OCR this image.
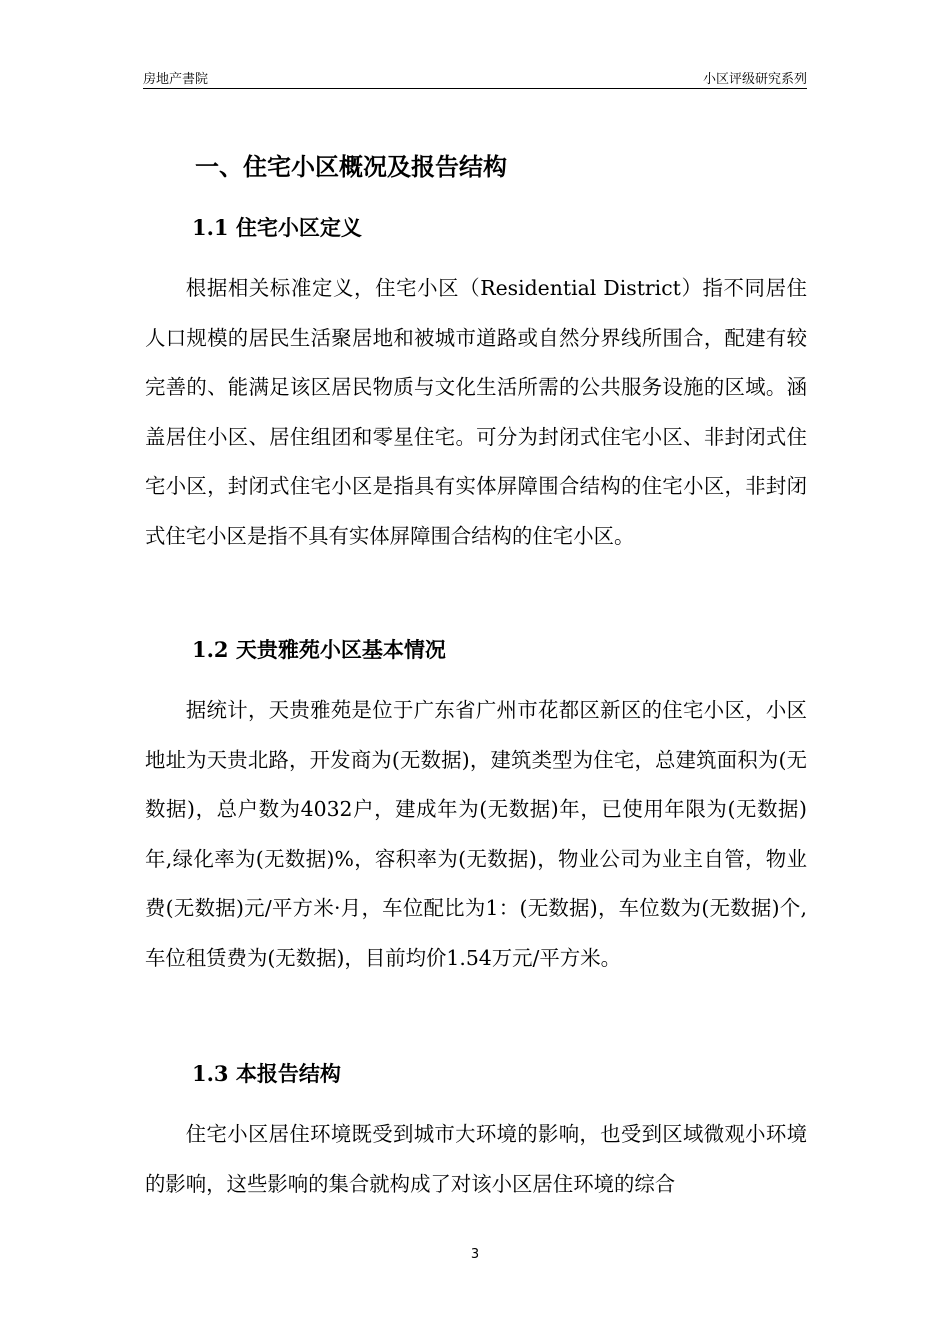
房地产書院	小区评级研究系列
一、住宅小区概况及报告结构
1.1 住宅小区定义
根据相关标准定义，住宅小区（Residential District）指不同居住人口规模的居民生活聚居地和被城市道路或自然分界线所围合，配建有较完善的、能满足该区居民物质与文化生活所需的公共服务设施的区域。涵盖居住小区、居住组团和零星住宅。可分为封闭式住宅小区、非封闭式住宅小区，封闭式住宅小区是指具有实体屏障围合结构的住宅小区，非封闭式住宅小区是指不具有实体屏障围合结构的住宅小区。
1.2 天贵雅苑小区基本情况
据统计，天贵雅苑是位于广东省广州市花都区新区的住宅小区，小区地址为天贵北路，开发商为(无数据)，建筑类型为住宅，总建筑面积为(无数据)，总户数为4032户，建成年为(无数据)年，已使用年限为(无数据)年,绿化率为(无数据)%，容积率为(无数据)，物业公司为业主自管，物业费(无数据)元/平方米·月，车位配比为1：(无数据)，车位数为(无数据)个,车位租赁费为(无数据)，目前均价1.54万元/平方米。
1.3 本报告结构
住宅小区居住环境既受到城市大环境的影响，也受到区域微观小环境的影响，这些影响的集合就构成了对该小区居住环境的综合
3
